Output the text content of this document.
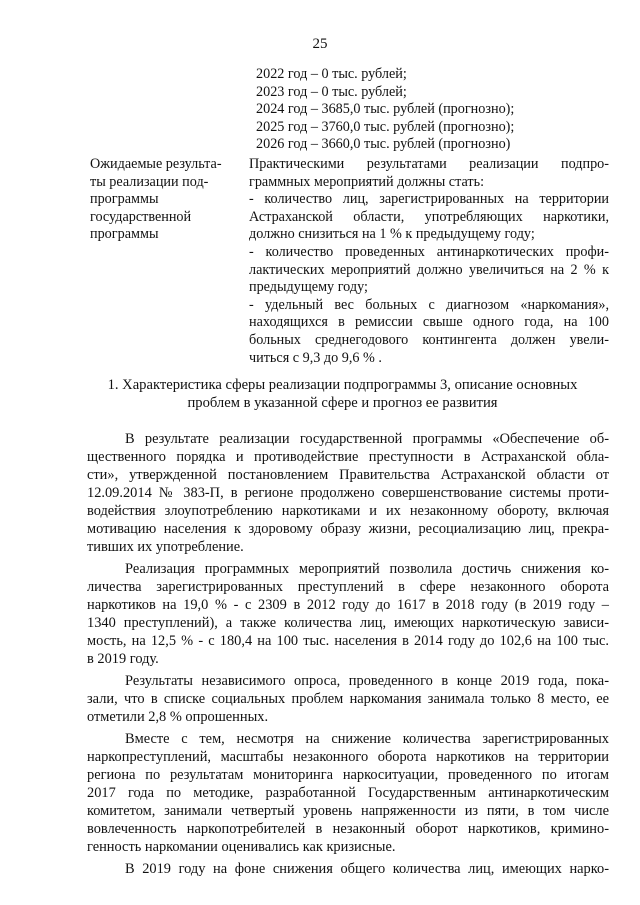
25
2022 год – 0 тыс. рублей;
2023 год – 0 тыс. рублей;
2024 год – 3685,0 тыс. рублей (прогнозно);
2025 год – 3760,0 тыс. рублей (прогнозно);
2026 год – 3660,0 тыс. рублей (прогнозно)
Ожидаемые результа-
ты реализации под-
программы
государственной
программы
Практическими результатами реализации подпро-
граммных мероприятий должны стать:
- количество лиц, зарегистрированных на территории
Астраханской области, употребляющих наркотики,
должно снизиться на 1 % к предыдущему году;
- количество проведенных антинаркотических профи-
лактических мероприятий должно увеличиться на 2 % к
предыдущему году;
- удельный вес больных с диагнозом «наркомания»,
находящихся в ремиссии свыше одного года, на 100
больных среднегодового контингента должен увели-
читься с 9,3 до 9,6 % .
1. Характеристика сферы реализации подпрограммы 3, описание основных
проблем в указанной сфере и прогноз ее развития
В результате реализации государственной программы «Обеспечение об-
щественного порядка и противодействие преступности в Астраханской обла-
сти», утвержденной постановлением Правительства Астраханской области от
12.09.2014 № 383-П, в регионе продолжено совершенствование системы проти-
водействия злоупотреблению наркотиками и их незаконному обороту, включая
мотивацию населения к здоровому образу жизни, ресоциализацию лиц, прекра-
тивших их употребление.
Реализация программных мероприятий позволила достичь снижения ко-
личества зарегистрированных преступлений в сфере незаконного оборота
наркотиков на 19,0 % - с 2309 в 2012 году до 1617 в 2018 году (в 2019 году –
1340 преступлений), а также количества лиц, имеющих наркотическую зависи-
мость, на 12,5 % - с 180,4 на 100 тыс. населения в 2014 году до 102,6 на 100 тыс.
в 2019 году.
Результаты независимого опроса, проведенного в конце 2019 года, пока-
зали, что в списке социальных проблем наркомания занимала только 8 место, ее
отметили 2,8 % опрошенных.
Вместе с тем, несмотря на снижение количества зарегистрированных
наркопреступлений, масштабы незаконного оборота наркотиков на территории
региона по результатам мониторинга наркоситуации, проведенного по итогам
2017 года по методике, разработанной Государственным антинаркотическим
комитетом, занимали четвертый уровень напряженности из пяти, в том числе
вовлеченность наркопотребителей в незаконный оборот наркотиков, кримино-
генность наркомании оценивались как кризисные.
В 2019 году на фоне снижения общего количества лиц, имеющих нарко-
